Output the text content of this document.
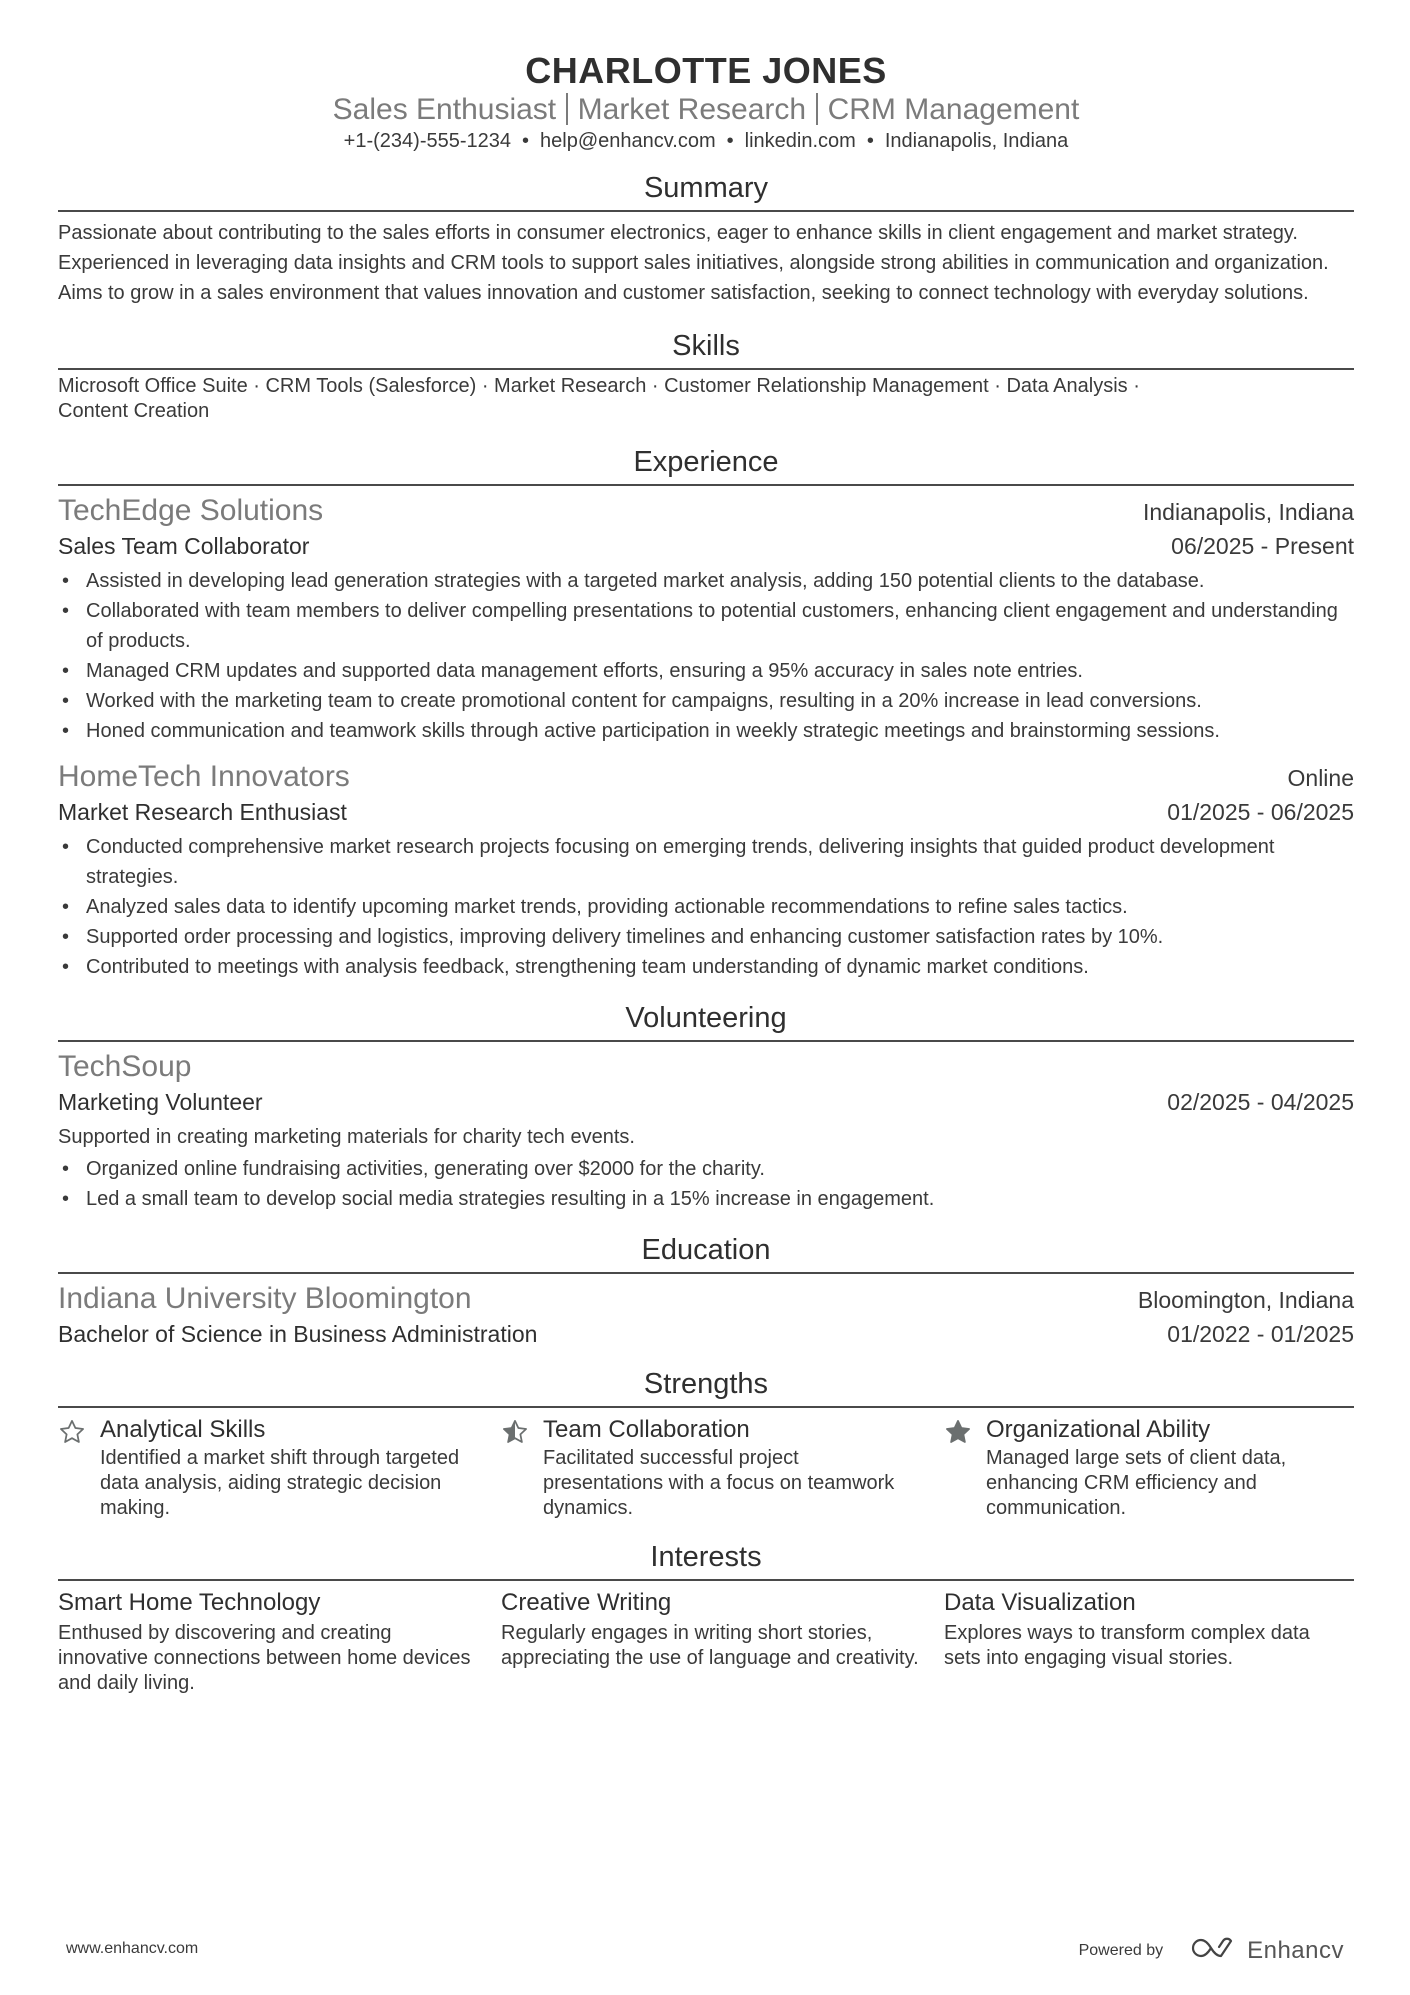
CHARLOTTE JONES
Sales Enthusiast Market Research CRM Management
+1-(234)-555-1234 • help@enhancv.com • linkedin.com • Indianapolis, Indiana
Summary

Passionate about contributing to the sales efforts in consumer electronics, eager to enhance skills in client engagement and market strategy. Experienced in leveraging data insights and CRM tools to support sales initiatives, alongside strong abilities in communication and organization. Aims to grow in a sales environment that values innovation and customer satisfaction, seeking to connect technology with everyday solutions.

Skills
Microsoft Office Suite · CRM Tools (Salesforce) · Market Research · Customer Relationship Management · Data Analysis ·
Content Creation
Experience
TechEdge Solutions	Indianapolis, Indiana
Sales Team Collaborator	06/2025 - Present
• Assisted in developing lead generation strategies with a targeted market analysis, adding 150 potential clients to the database.
• Collaborated with team members to deliver compelling presentations to potential customers, enhancing client engagement and understanding of products.
• Managed CRM updates and supported data management efforts, ensuring a 95% accuracy in sales note entries.
• Worked with the marketing team to create promotional content for campaigns, resulting in a 20% increase in lead conversions.
• Honed communication and teamwork skills through active participation in weekly strategic meetings and brainstorming sessions.
HomeTech Innovators	Online
Market Research Enthusiast	01/2025 - 06/2025
• Conducted comprehensive market research projects focusing on emerging trends, delivering insights that guided product development strategies.
• Analyzed sales data to identify upcoming market trends, providing actionable recommendations to refine sales tactics.
• Supported order processing and logistics, improving delivery timelines and enhancing customer satisfaction rates by 10%.
• Contributed to meetings with analysis feedback, strengthening team understanding of dynamic market conditions.
Volunteering
TechSoup
Marketing Volunteer	02/2025 - 04/2025

Supported in creating marketing materials for charity tech events.

• Organized online fundraising activities, generating over $2000 for the charity.
• Led a small team to develop social media strategies resulting in a 15% increase in engagement.
Education
Indiana University Bloomington	Bloomington, Indiana
Bachelor of Science in Business Administration	01/2022 - 01/2025
Strengths
Analytical Skills
Identified a market shift through targeted data analysis, aiding strategic decision making.
Team Collaboration
Facilitated successful project presentations with a focus on teamwork dynamics.
Organizational Ability
Managed large sets of client data, enhancing CRM efficiency and communication.
Interests
Smart Home Technology
Enthused by discovering and creating innovative connections between home devices and daily living.
Creative Writing
Regularly engages in writing short stories, appreciating the use of language and creativity.
Data Visualization
Explores ways to transform complex data sets into engaging visual stories.
www.enhancv.com	Powered by	Enhancv
